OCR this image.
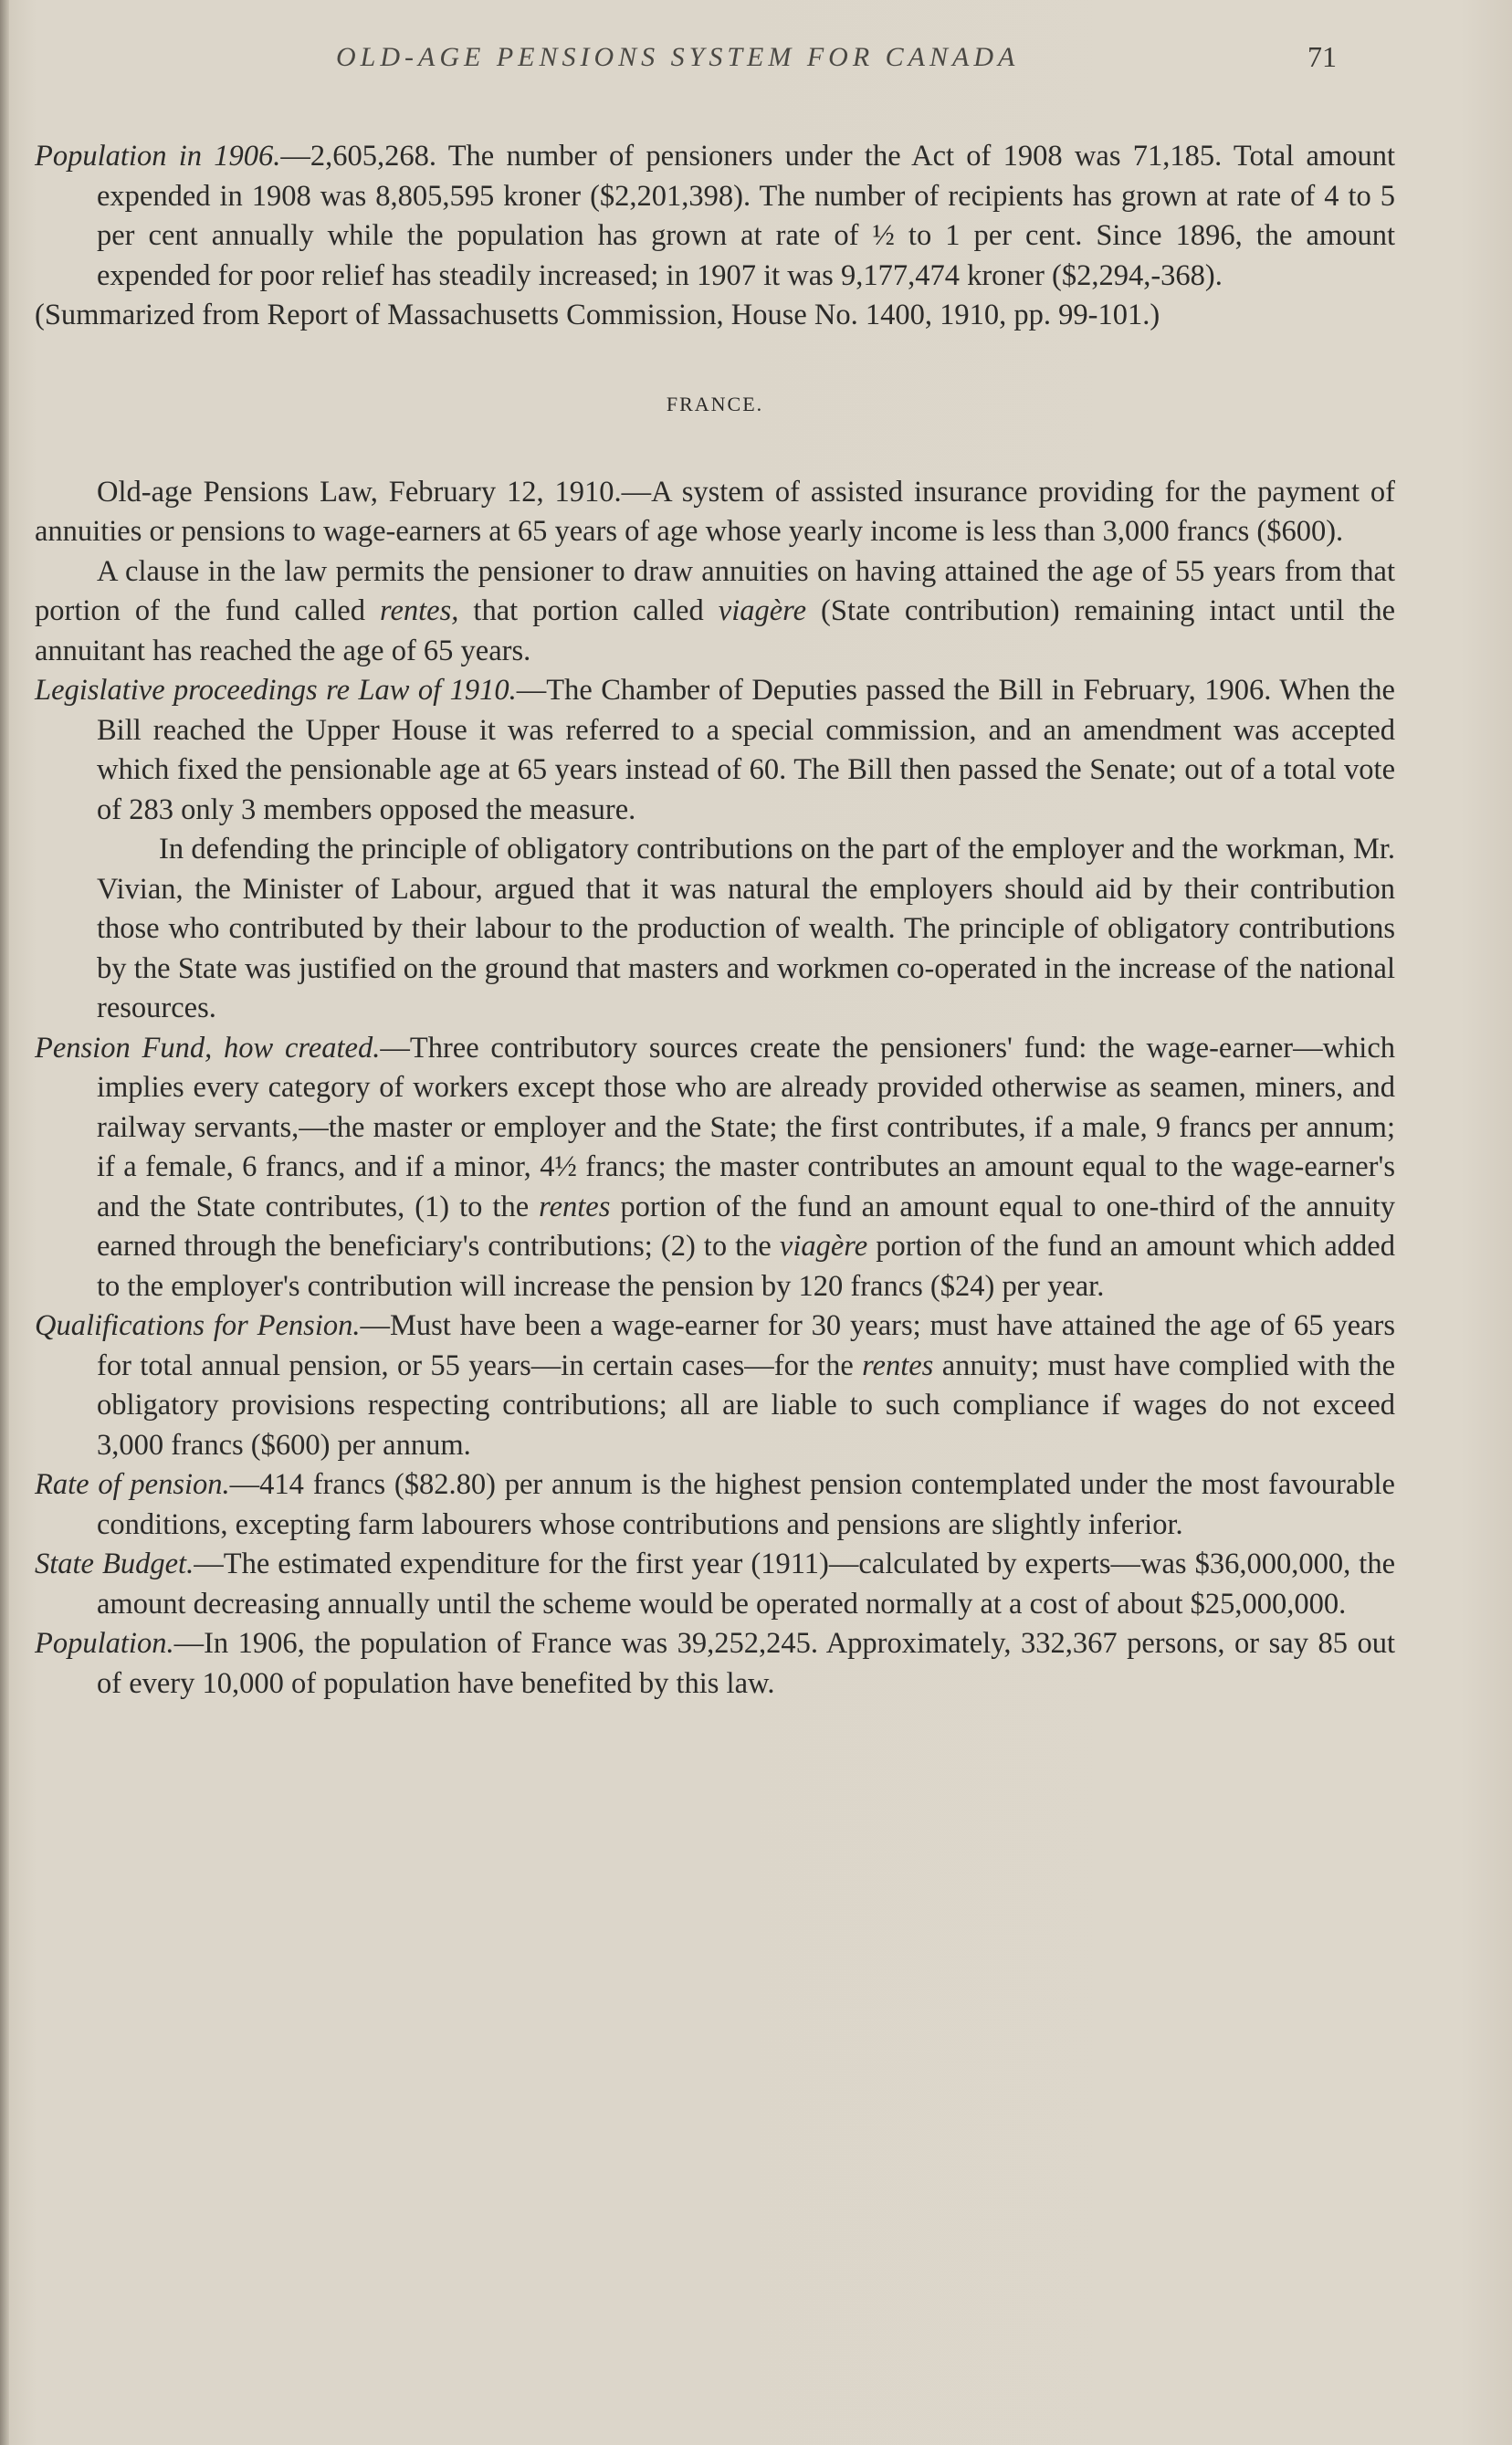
OLD-AGE PENSIONS SYSTEM FOR CANADA	71

Population in 1906.—2,605,268. The number of pensioners under the Act of 1908 was 71,185. Total amount expended in 1908 was 8,805,595 kroner ($2,201,398). The number of recipients has grown at rate of 4 to 5 per cent annually while the population has grown at rate of ½ to 1 per cent. Since 1896, the amount expended for poor relief has steadily increased; in 1907 it was 9,177,474 kroner ($2,294,-368).

(Summarized from Report of Massachusetts Commission, House No. 1400, 1910, pp. 99-101.)

FRANCE.

Old-age Pensions Law, February 12, 1910.—A system of assisted insurance providing for the payment of annuities or pensions to wage-earners at 65 years of age whose yearly income is less than 3,000 francs ($600).

A clause in the law permits the pensioner to draw annuities on having attained the age of 55 years from that portion of the fund called rentes, that portion called viagère (State contribution) remaining intact until the annuitant has reached the age of 65 years.

Legislative proceedings re Law of 1910.—The Chamber of Deputies passed the Bill in February, 1906. When the Bill reached the Upper House it was referred to a special commission, and an amendment was accepted which fixed the pensionable age at 65 years instead of 60. The Bill then passed the Senate; out of a total vote of 283 only 3 members opposed the measure.

In defending the principle of obligatory contributions on the part of the employer and the workman, Mr. Vivian, the Minister of Labour, argued that it was natural the employers should aid by their contribution those who contributed by their labour to the production of wealth. The principle of obligatory contributions by the State was justified on the ground that masters and workmen co-operated in the increase of the national resources.

Pension Fund, how created.—Three contributory sources create the pensioners' fund: the wage-earner—which implies every category of workers except those who are already provided otherwise as seamen, miners, and railway servants,—the master or employer and the State; the first contributes, if a male, 9 francs per annum; if a female, 6 francs, and if a minor, 4½ francs; the master contributes an amount equal to the wage-earner's and the State contributes, (1) to the rentes portion of the fund an amount equal to one-third of the annuity earned through the beneficiary's contributions; (2) to the viagère portion of the fund an amount which added to the employer's contribution will increase the pension by 120 francs ($24) per year.

Qualifications for Pension.—Must have been a wage-earner for 30 years; must have attained the age of 65 years for total annual pension, or 55 years—in certain cases—for the rentes annuity; must have complied with the obligatory provisions respecting contributions; all are liable to such compliance if wages do not exceed 3,000 francs ($600) per annum.

Rate of pension.—414 francs ($82.80) per annum is the highest pension contemplated under the most favourable conditions, excepting farm labourers whose contributions and pensions are slightly inferior.

State Budget.—The estimated expenditure for the first year (1911)—calculated by experts—was $36,000,000, the amount decreasing annually until the scheme would be operated normally at a cost of about $25,000,000.

Population.—In 1906, the population of France was 39,252,245. Approximately, 332,367 persons, or say 85 out of every 10,000 of population have benefited by this law.
